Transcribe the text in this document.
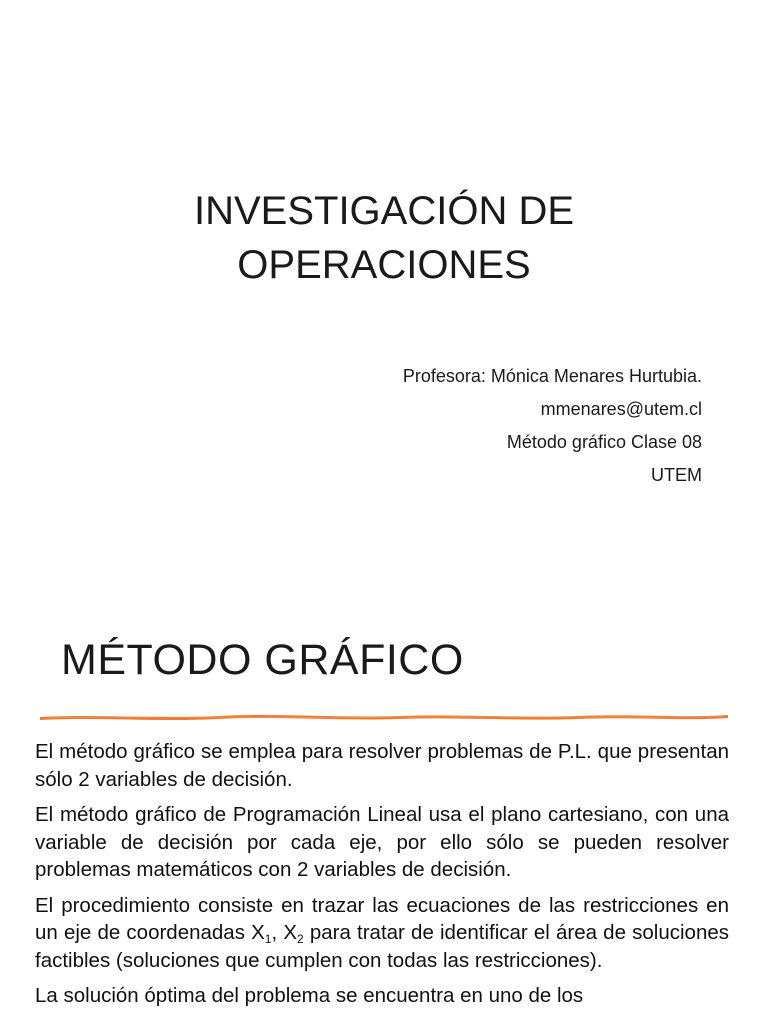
INVESTIGACIÓN DE
OPERACIONES
Profesora: Mónica Menares Hurtubia.
mmenares@utem.cl
Método gráfico Clase 08
UTEM
MÉTODO GRÁFICO

El método gráfico se emplea para resolver problemas de P.L. que presentan sólo 2 variables de decisión.

El método gráfico de Programación Lineal usa el plano cartesiano, con una variable de decisión por cada eje, por ello sólo se pueden resolver problemas matemáticos con 2 variables de decisión.

El procedimiento consiste en trazar las ecuaciones de las restricciones en un eje de coordenadas $X_1$, $X_2$ para tratar de identificar el área de soluciones factibles (soluciones que cumplen con todas las restricciones).

La solución óptima del problema se encuentra en uno de los
